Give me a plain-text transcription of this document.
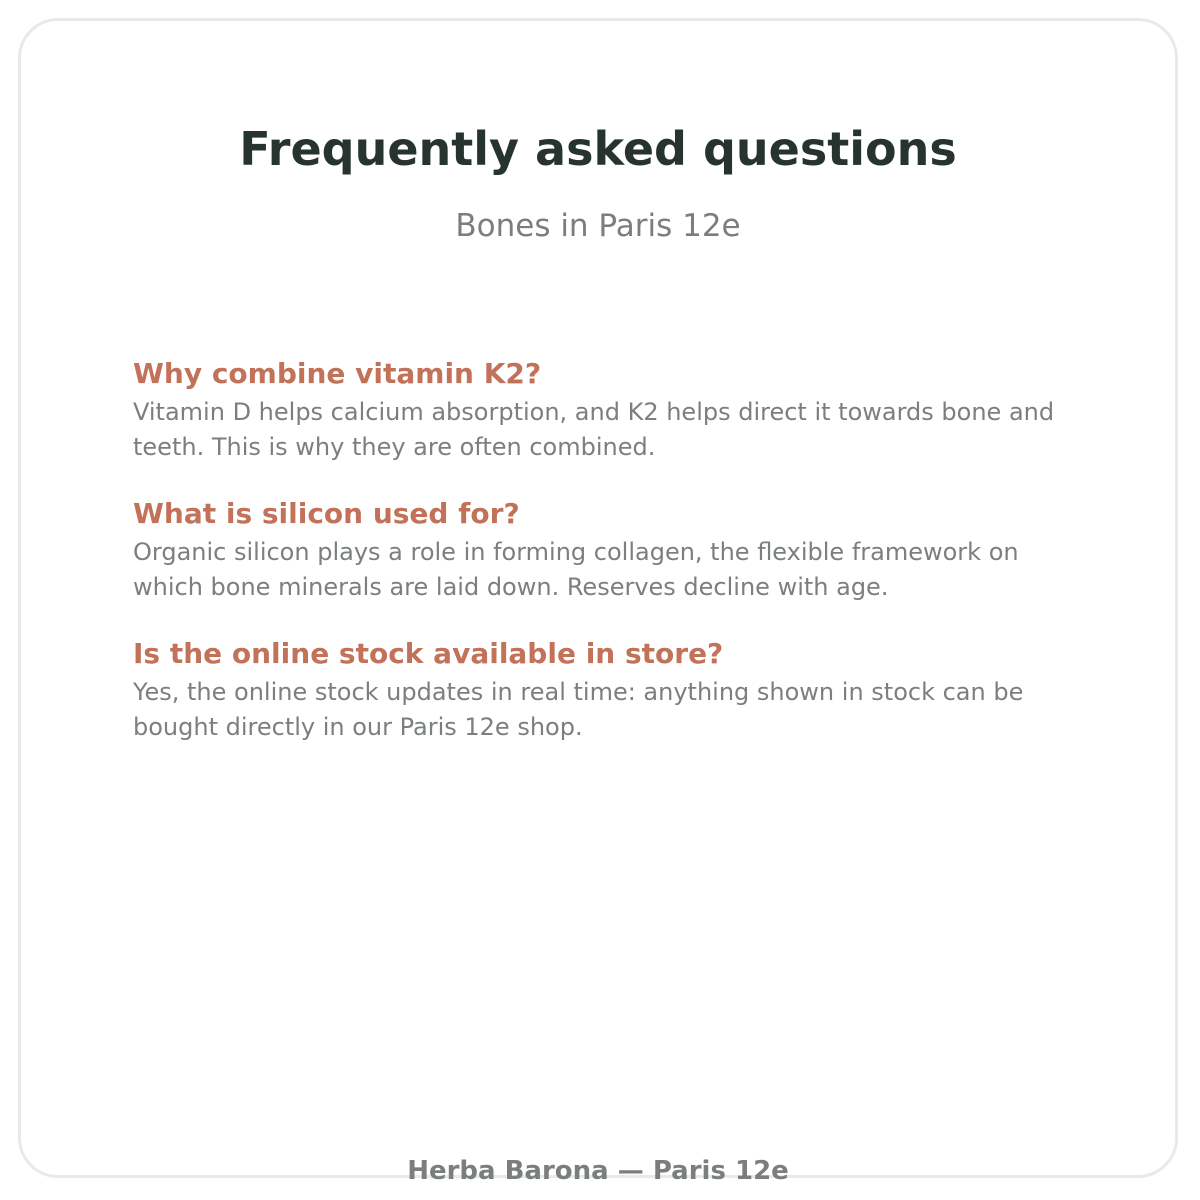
Frequently asked questions

Bones in Paris 12e

Why combine vitamin K2?

Vitamin D helps calcium absorption, and K2 helps direct it towards bone and teeth. This is why they are often combined.

What is silicon used for?

Organic silicon plays a role in forming collagen, the flexible framework on which bone minerals are laid down. Reserves decline with age.

Is the online stock available in store?

Yes, the online stock updates in real time: anything shown in stock can be bought directly in our Paris 12e shop.

Herba Barona — Paris 12e
